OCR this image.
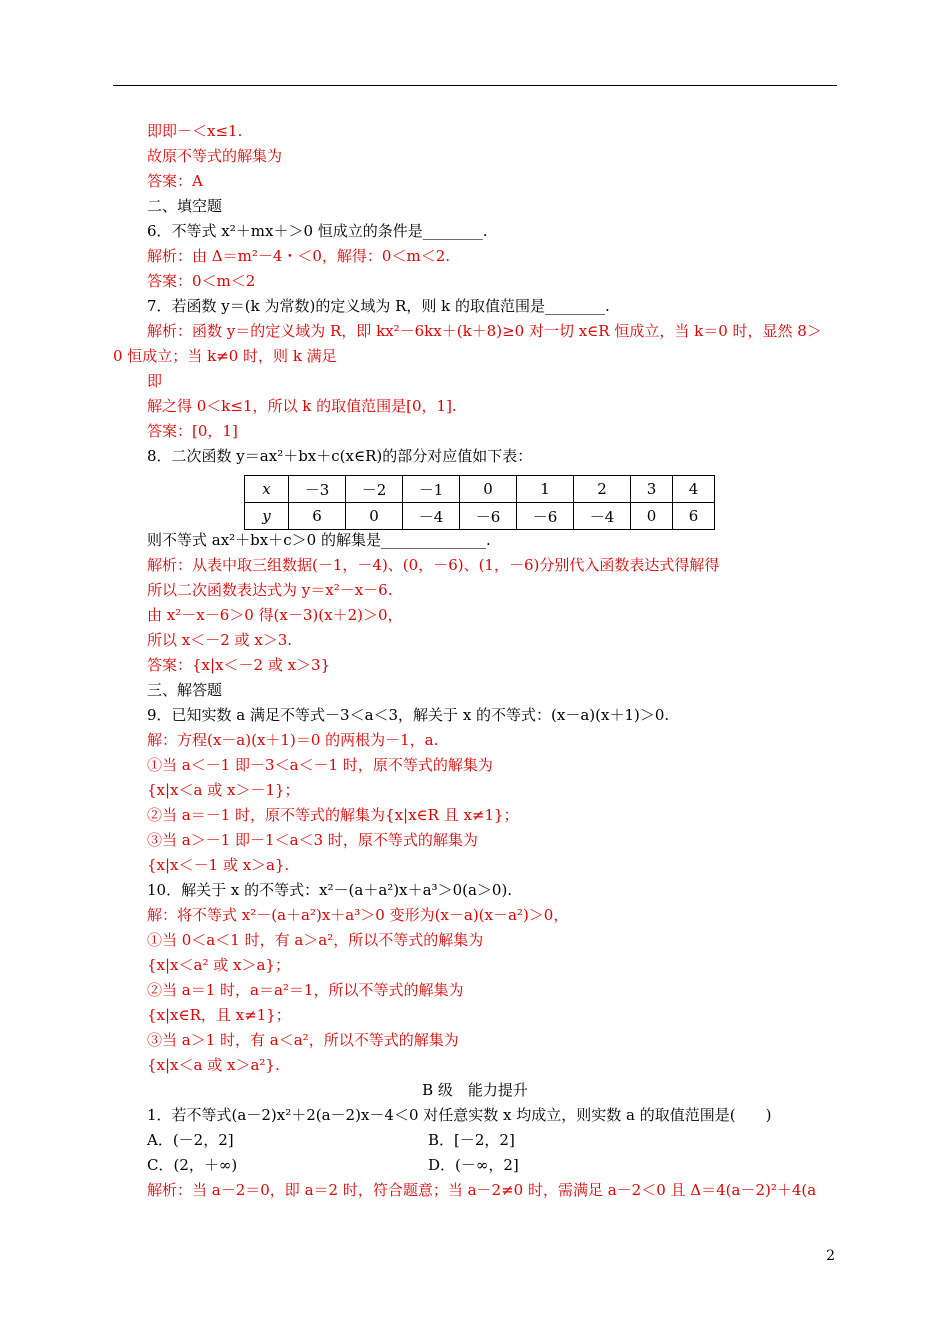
即即－＜x≤1.
故原不等式的解集为
答案：A
二、填空题
6．不等式 x²＋mx＋＞0 恒成立的条件是________.
解析：由 Δ＝m²－4・＜0，解得：0＜m＜2.
答案：0＜m＜2
7．若函数 y＝(k 为常数)的定义域为 R，则 k 的取值范围是________.
解析：函数 y＝的定义域为 R，即 kx²－6kx＋(k＋8)≥0 对一切 x∈R 恒成立，当 k＝0 时，显然 8＞
0 恒成立；当 k≠0 时，则 k 满足
即
解之得 0＜k≤1，所以 k 的取值范围是[0，1].
答案：[0，1]
8．二次函数 y＝ax²＋bx＋c(x∈R)的部分对应值如下表：
x	－3	－2	－1	0	1	2	3	4
y	6	0	－4	－6	－6	－4	0	6
则不等式 ax²＋bx＋c＞0 的解集是______________.
解析：从表中取三组数据(－1，－4)、(0，－6)、(1，－6)分别代入函数表达式得解得
所以二次函数表达式为 y＝x²－x－6.
由 x²－x－6＞0 得(x－3)(x＋2)＞0，
所以 x＜－2 或 x＞3.
答案：{x|x＜－2 或 x＞3}
三、解答题
9．已知实数 a 满足不等式－3＜a＜3，解关于 x 的不等式：(x－a)(x＋1)＞0.
解：方程(x－a)(x＋1)＝0 的两根为－1，a.
①当 a＜－1 即－3＜a＜－1 时，原不等式的解集为
{x|x＜a 或 x＞－1}；
②当 a＝－1 时，原不等式的解集为{x|x∈R 且 x≠1}；
③当 a＞－1 即－1＜a＜3 时，原不等式的解集为
{x|x＜－1 或 x＞a}.
10．解关于 x 的不等式：x²－(a＋a²)x＋a³＞0(a＞0).
解：将不等式 x²－(a＋a²)x＋a³＞0 变形为(x－a)(x－a²)＞0，
①当 0＜a＜1 时，有 a＞a²，所以不等式的解集为
{x|x＜a² 或 x＞a}；
②当 a＝1 时，a＝a²＝1，所以不等式的解集为
{x|x∈R，且 x≠1}；
③当 a＞1 时，有 a＜a²，所以不等式的解集为
{x|x＜a 或 x＞a²}.
B 级　能力提升
1．若不等式(a－2)x²＋2(a－2)x－4＜0 对任意实数 x 均成立，则实数 a 的取值范围是(　　)
A．(－2，2]	B．[－2，2]
C．(2，＋∞)	D．(－∞，2]
解析：当 a－2＝0，即 a＝2 时，符合题意；当 a－2≠0 时，需满足 a－2＜0 且 Δ＝4(a－2)²＋4(a
2
